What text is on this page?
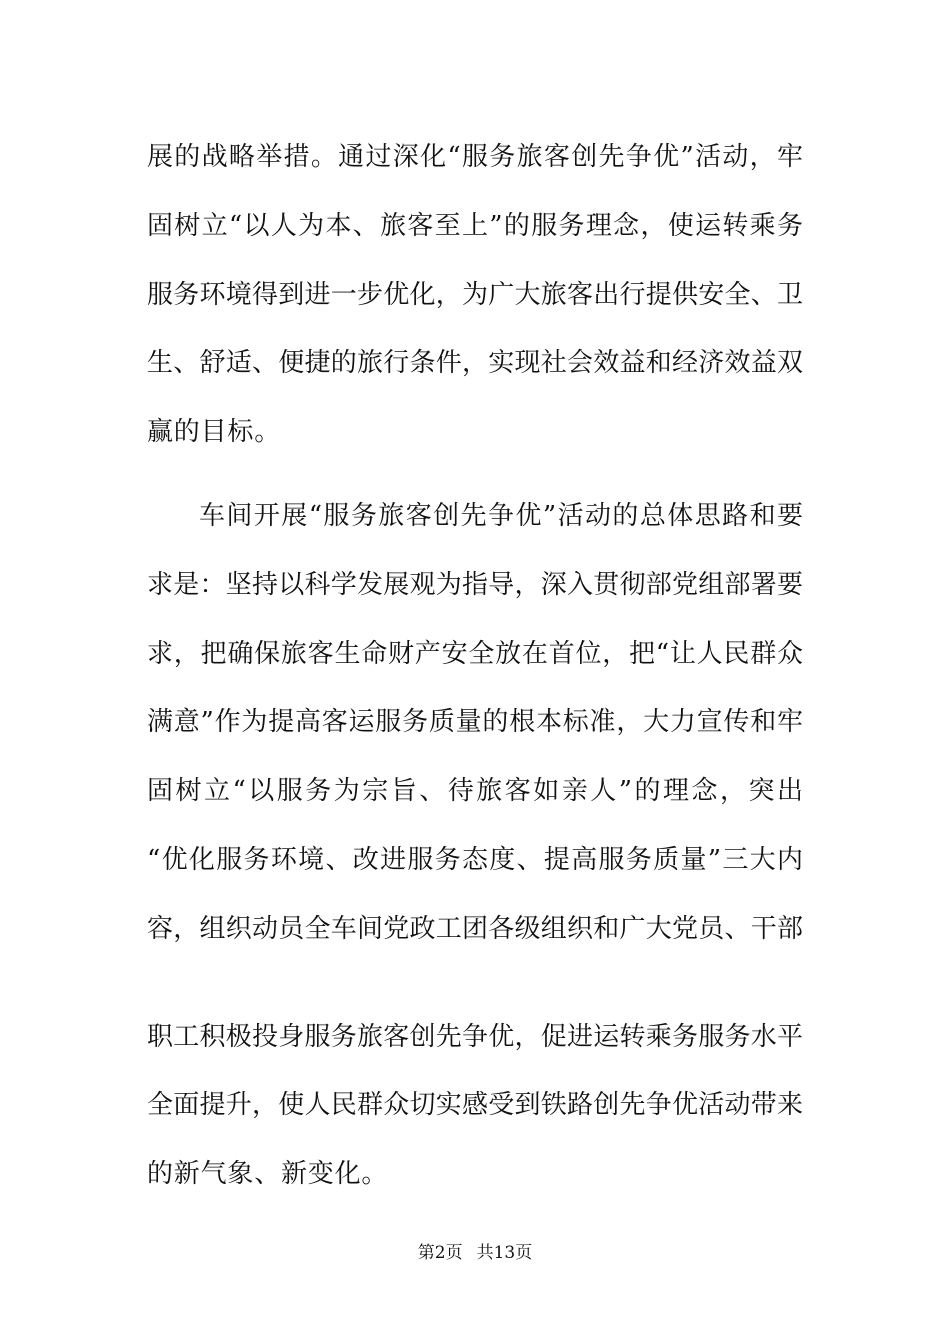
展的战略举措。通过深化“服务旅客创先争优”活动，牢
固树立“以人为本、旅客至上”的服务理念，使运转乘务
服务环境得到进一步优化，为广大旅客出行提供安全、卫
生、舒适、便捷的旅行条件，实现社会效益和经济效益双
赢的目标。
车间开展“服务旅客创先争优”活动的总体思路和要
求是：坚持以科学发展观为指导，深入贯彻部党组部署要
求，把确保旅客生命财产安全放在首位，把“让人民群众
满意”作为提高客运服务质量的根本标准，大力宣传和牢
固树立“以服务为宗旨、待旅客如亲人”的理念，突出
“优化服务环境、改进服务态度、提高服务质量”三大内
容，组织动员全车间党政工团各级组织和广大党员、干部
职工积极投身服务旅客创先争优，促进运转乘务服务水平
全面提升，使人民群众切实感受到铁路创先争优活动带来
的新气象、新变化。
第2页 共13页
